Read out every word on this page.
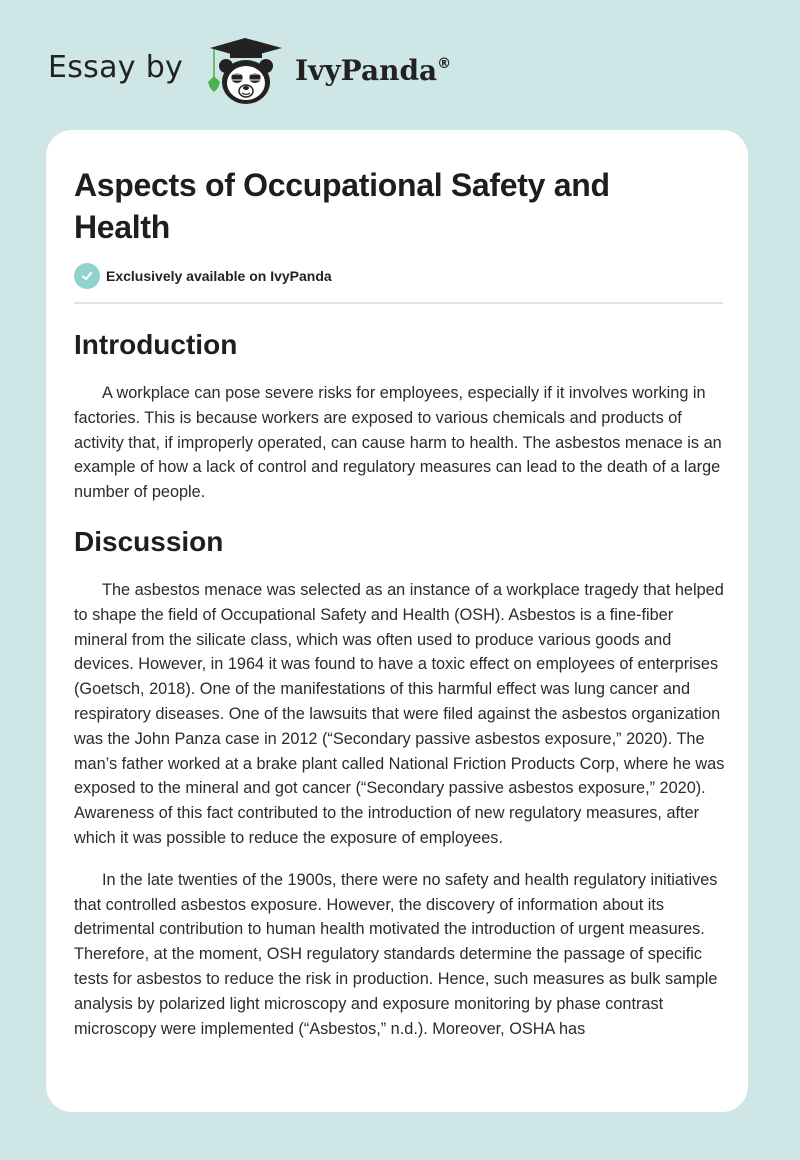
Essay by	IvyPanda®
Aspects of Occupational Safety and Health
Exclusively available on IvyPanda
Introduction

A workplace can pose severe risks for employees, especially if it involves working in factories. This is because workers are exposed to various chemicals and products of activity that, if improperly operated, can cause harm to health. The asbestos menace is an example of how a lack of control and regulatory measures can lead to the death of a large number of people.

Discussion

The asbestos menace was selected as an instance of a workplace tragedy that helped to shape the field of Occupational Safety and Health (OSH). Asbestos is a fine-fiber mineral from the silicate class, which was often used to produce various goods and devices. However, in 1964 it was found to have a toxic effect on employees of enterprises (Goetsch, 2018). One of the manifestations of this harmful effect was lung cancer and respiratory diseases. One of the lawsuits that were filed against the asbestos organization was the John Panza case in 2012 (“Secondary passive asbestos exposure,” 2020). The man’s father worked at a brake plant called National Friction Products Corp, where he was exposed to the mineral and got cancer (“Secondary passive asbestos exposure,” 2020). Awareness of this fact contributed to the introduction of new regulatory measures, after which it was possible to reduce the exposure of employees.

In the late twenties of the 1900s, there were no safety and health regulatory initiatives that controlled asbestos exposure. However, the discovery of information about its detrimental contribution to human health motivated the introduction of urgent measures. Therefore, at the moment, OSH regulatory standards determine the passage of specific tests for asbestos to reduce the risk in production. Hence, such measures as bulk sample analysis by polarized light microscopy and exposure monitoring by phase contrast microscopy were implemented (“Asbestos,” n.d.). Moreover, OSHA has
